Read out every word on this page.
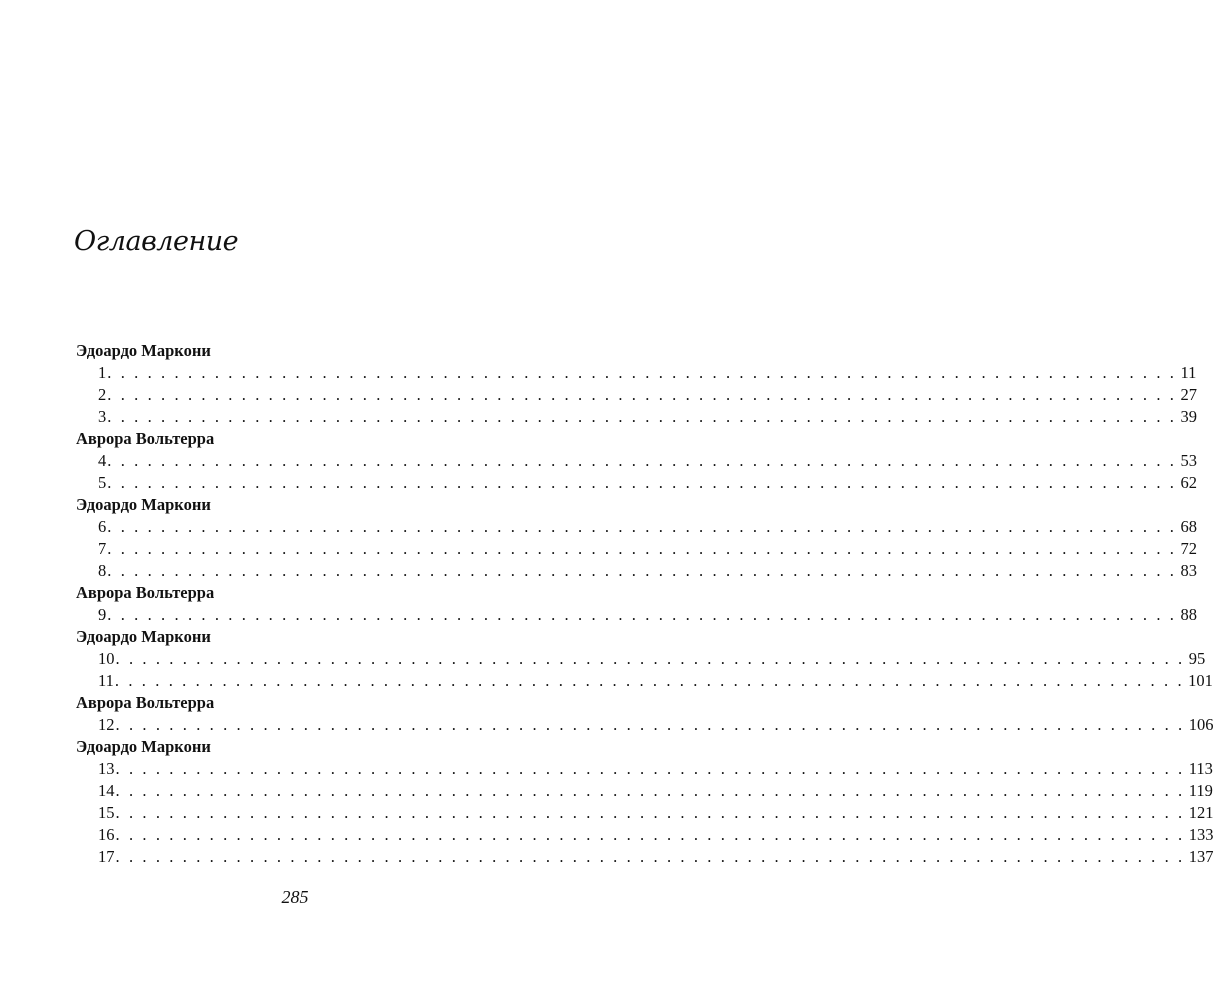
Оглавление
Эдоардо Маркони
1 . . . . . . . . . . . . . . . . . . . . . . . . . . . . . . . . . . . . . . . . . . . . . . . . . . . . . . . . . . . . . . . . . . . . . . . . . . . . . . . . 11
2 . . . . . . . . . . . . . . . . . . . . . . . . . . . . . . . . . . . . . . . . . . . . . . . . . . . . . . . . . . . . . . . . . . . . . . . . . . . . . . . . 27
3 . . . . . . . . . . . . . . . . . . . . . . . . . . . . . . . . . . . . . . . . . . . . . . . . . . . . . . . . . . . . . . . . . . . . . . . . . . . . . . . . 39
Аврора Вольтерра
4 . . . . . . . . . . . . . . . . . . . . . . . . . . . . . . . . . . . . . . . . . . . . . . . . . . . . . . . . . . . . . . . . . . . . . . . . . . . . . . . . 53
5 . . . . . . . . . . . . . . . . . . . . . . . . . . . . . . . . . . . . . . . . . . . . . . . . . . . . . . . . . . . . . . . . . . . . . . . . . . . . . . . . 62
Эдоардо Маркони
6 . . . . . . . . . . . . . . . . . . . . . . . . . . . . . . . . . . . . . . . . . . . . . . . . . . . . . . . . . . . . . . . . . . . . . . . . . . . . . . . . 68
7 . . . . . . . . . . . . . . . . . . . . . . . . . . . . . . . . . . . . . . . . . . . . . . . . . . . . . . . . . . . . . . . . . . . . . . . . . . . . . . . . 72
8 . . . . . . . . . . . . . . . . . . . . . . . . . . . . . . . . . . . . . . . . . . . . . . . . . . . . . . . . . . . . . . . . . . . . . . . . . . . . . . . . 83
Аврора Вольтерра
9 . . . . . . . . . . . . . . . . . . . . . . . . . . . . . . . . . . . . . . . . . . . . . . . . . . . . . . . . . . . . . . . . . . . . . . . . . . . . . . . . 88
Эдоардо Маркони
10 . . . . . . . . . . . . . . . . . . . . . . . . . . . . . . . . . . . . . . . . . . . . . . . . . . . . . . . . . . . . . . . . . . . . . . . . . . . . . . . . 95
11 . . . . . . . . . . . . . . . . . . . . . . . . . . . . . . . . . . . . . . . . . . . . . . . . . . . . . . . . . . . . . . . . . . . . . . . . . . . . . . . . 101
Аврора Вольтерра
12 . . . . . . . . . . . . . . . . . . . . . . . . . . . . . . . . . . . . . . . . . . . . . . . . . . . . . . . . . . . . . . . . . . . . . . . . . . . . . . . . 106
Эдоардо Маркони
13 . . . . . . . . . . . . . . . . . . . . . . . . . . . . . . . . . . . . . . . . . . . . . . . . . . . . . . . . . . . . . . . . . . . . . . . . . . . . . . . . 113
14 . . . . . . . . . . . . . . . . . . . . . . . . . . . . . . . . . . . . . . . . . . . . . . . . . . . . . . . . . . . . . . . . . . . . . . . . . . . . . . . . 119
15 . . . . . . . . . . . . . . . . . . . . . . . . . . . . . . . . . . . . . . . . . . . . . . . . . . . . . . . . . . . . . . . . . . . . . . . . . . . . . . . . 121
16 . . . . . . . . . . . . . . . . . . . . . . . . . . . . . . . . . . . . . . . . . . . . . . . . . . . . . . . . . . . . . . . . . . . . . . . . . . . . . . . . 133
17 . . . . . . . . . . . . . . . . . . . . . . . . . . . . . . . . . . . . . . . . . . . . . . . . . . . . . . . . . . . . . . . . . . . . . . . . . . . . . . . . 137
285
